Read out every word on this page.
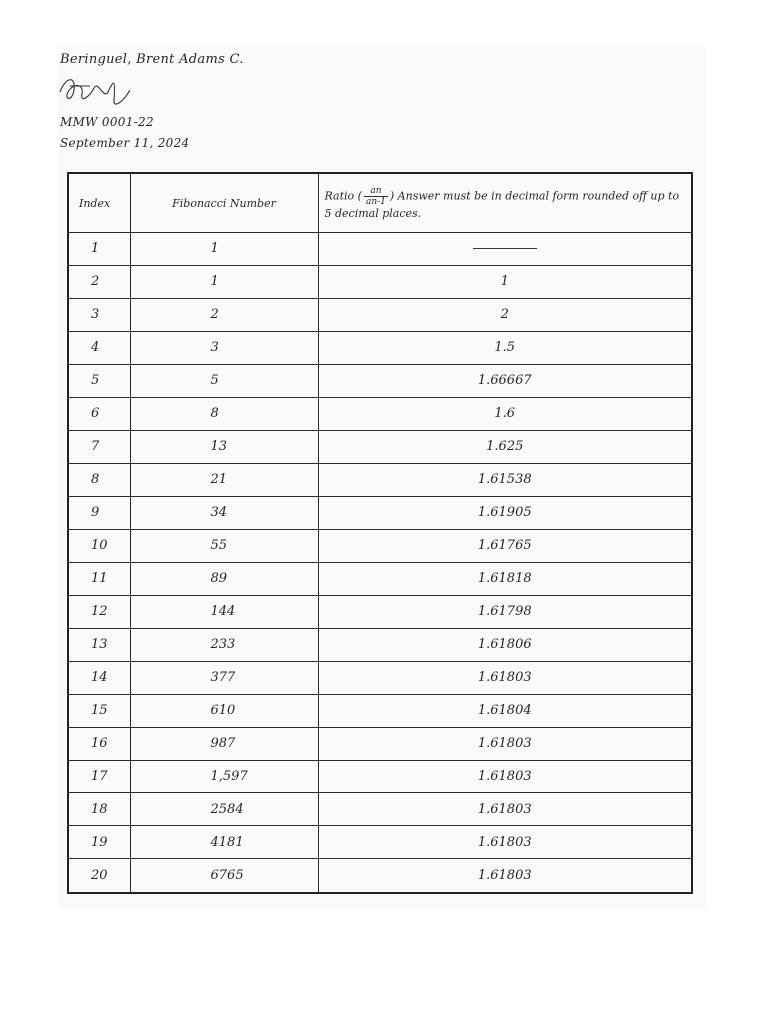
Beringuel, Brent Adams C.
MMW 0001-22
September 11, 2024
Index	Fibonacci Number	Ratio ( $\frac{an}{an-1}$ ) Answer must be in decimal form rounded off up to 5 decimal places.
1	1	
2	1	1
3	2	2
4	3	1.5
5	5	1.66667
6	8	1.6
7	13	1.625
8	21	1.61538
9	34	1.61905
10	55	1.61765
11	89	1.61818
12	144	1.61798
13	233	1.61806
14	377	1.61803
15	610	1.61804
16	987	1.61803
17	1,597	1.61803
18	2584	1.61803
19	4181	1.61803
20	6765	1.61803
